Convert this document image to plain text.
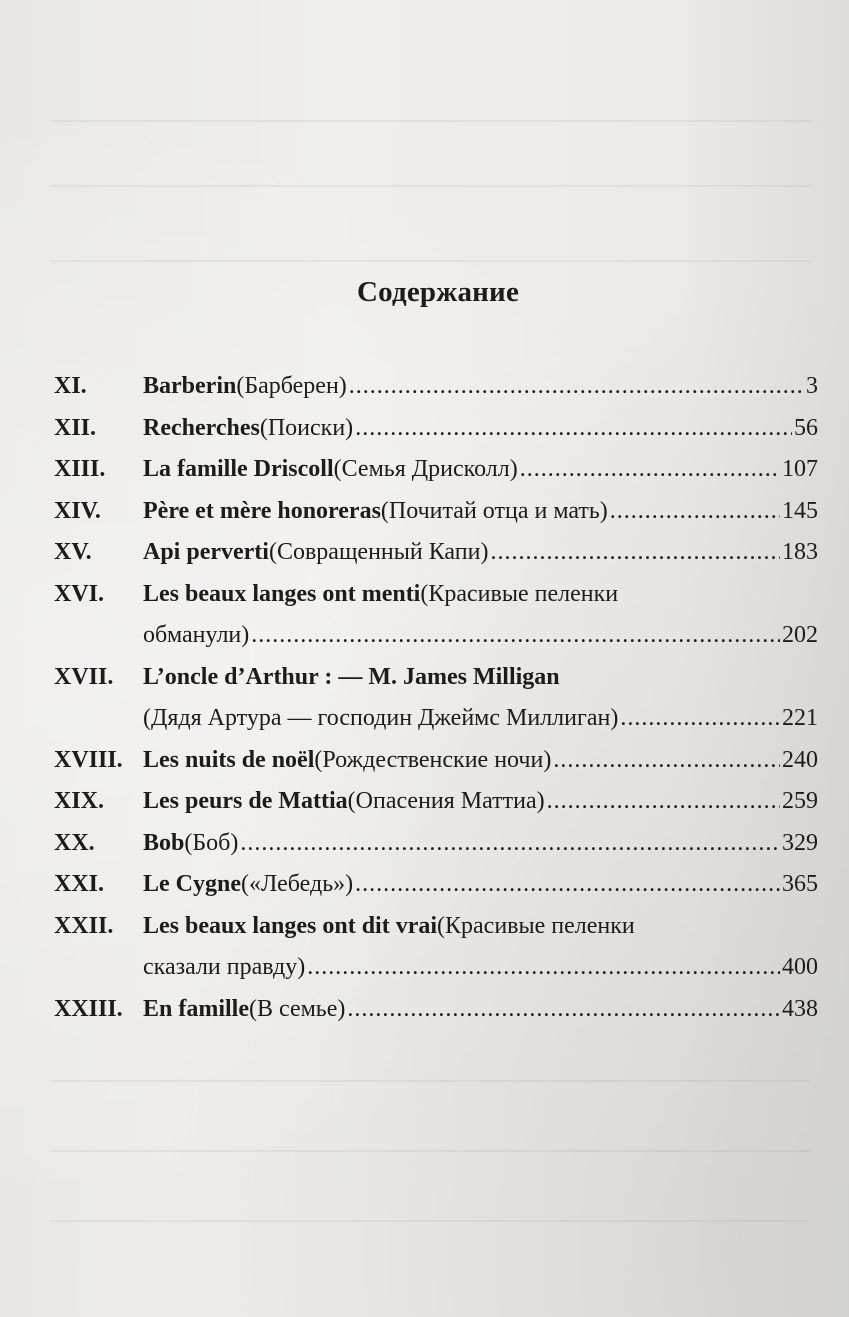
Содержание
XI. Barberin (Барберен) .....	3
XII. Recherches (Поиски) .....	56
XIII. La famille Driscoll (Семья Дрисколл) .....	107
XIV. Père et mère honoreras (Почитай отца и мать) .....	145
XV. Api perverti (Совращенный Капи) .....	183
XVI. Les beaux langes ont menti (Красивые пеленки
обманули) .....	202
XVII. L’oncle d’Arthur : — M. James Milligan
(Дядя Артура — господин Джеймс Миллиган) .....	221
XVIII. Les nuits de noël (Рождественские ночи) .....	240
XIX. Les peurs de Mattia (Опасения Маттиа) .....	259
XX. Bob (Боб) .....	329
XXI. Le Cygne («Лебедь») .....	365
XXII. Les beaux langes ont dit vrai (Красивые пеленки
сказали правду) .....	400
XXIII. En famille (В семье) .....	438
